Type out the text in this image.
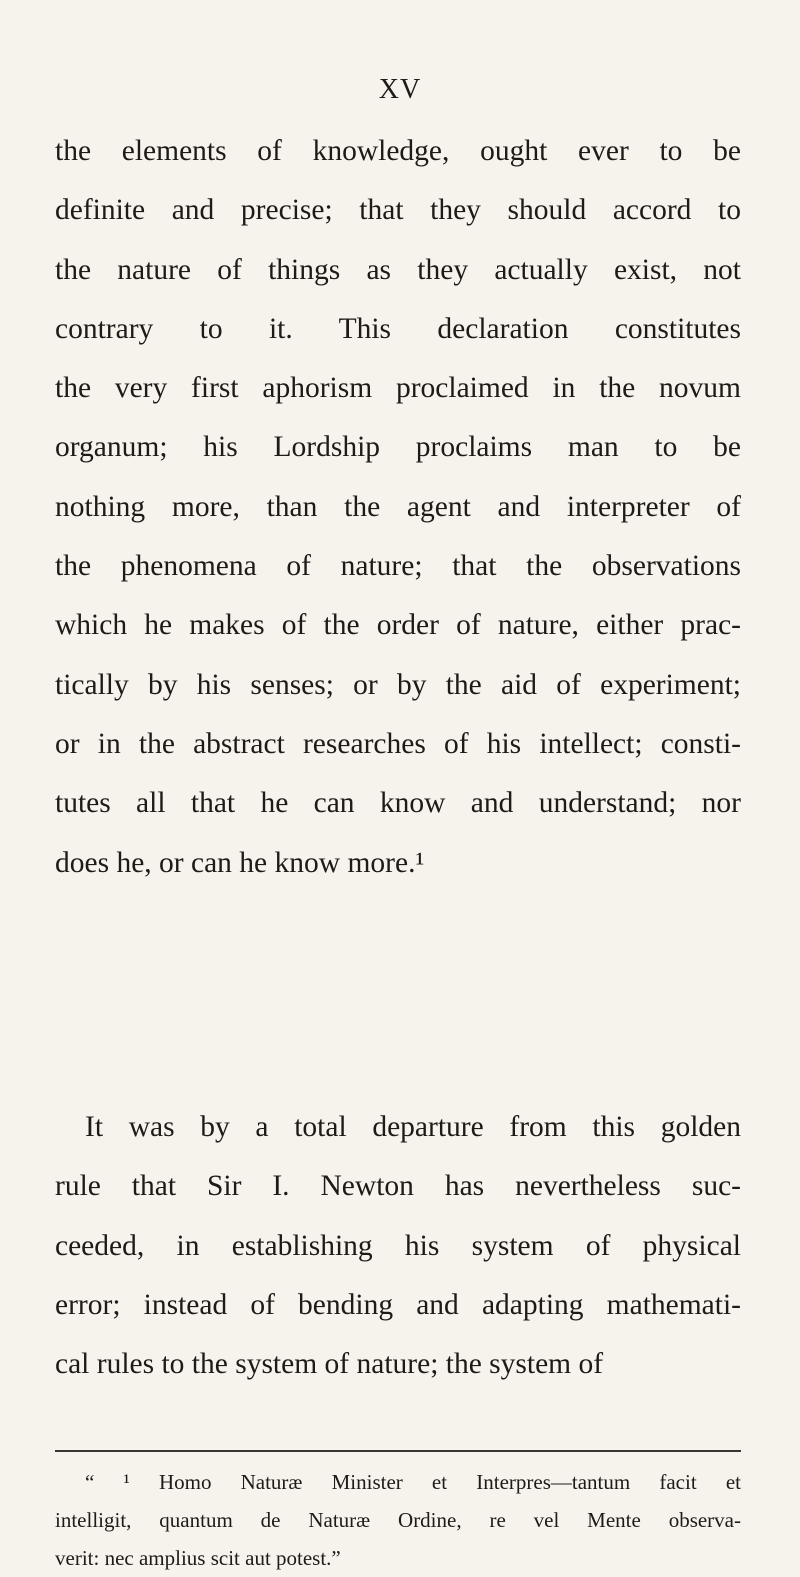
XV
the elements of knowledge, ought ever to be
definite and precise; that they should accord to
the nature of things as they actually exist, not
contrary to it. This declaration constitutes
the very first aphorism proclaimed in the novum
organum; his Lordship proclaims man to be
nothing more, than the agent and interpreter of
the phenomena of nature; that the observations
which he makes of the order of nature, either prac-
tically by his senses; or by the aid of experiment;
or in the abstract researches of his intellect; consti-
tutes all that he can know and understand; nor
does he, or can he know more.¹
It was by a total departure from this golden
rule that Sir I. Newton has nevertheless suc-
ceeded, in establishing his system of physical
error; instead of bending and adapting mathemati-
cal rules to the system of nature; the system of
“ ¹ Homo Naturæ Minister et Interpres—tantum facit et
intelligit, quantum de Naturæ Ordine, re vel Mente observa-
verit: nec amplius scit aut potest.”
